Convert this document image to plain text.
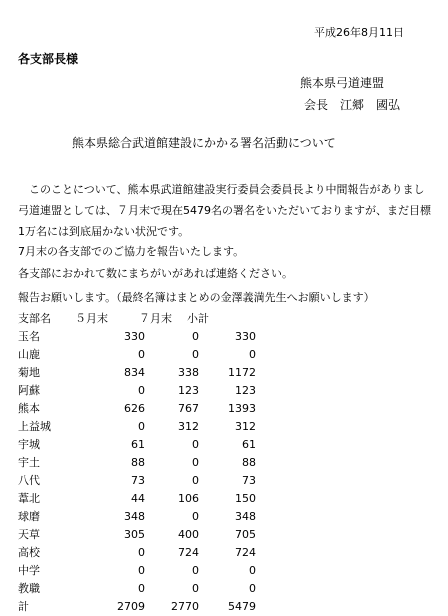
平成26年8月11日
各支部長様
熊本県弓道連盟
会長　江郷　國弘
熊本県総合武道館建設にかかる署名活動について
　このことについて、熊本県武道館建設実行委員会委員長より中間報告がありまし
弓道連盟としては、７月末で現在5479名の署名をいただいておりますが、まだ目標
1万名には到底届かない状況です。
7月末の各支部でのご協力を報告いたします。
各支部におかれて数にまちがいがあれば連絡ください。
報告お願いします。（最終名簿はまとめの金澤義満先生へお願いします）
支部名 ５月末	７月末 小計
玉名	330	0	330
山鹿	0	0	0
菊地	834	338	1172
阿蘇	0	123	123
熊本	626	767	1393
上益城	0	312	312
宇城	61	0	61
宇土	88	0	88
八代	73	0	73
葦北	44	106	150
球磨	348	0	348
天草	305	400	705
高校	0	724	724
中学	0	0	0
教職	0	0	0
計	2709	2770	5479
